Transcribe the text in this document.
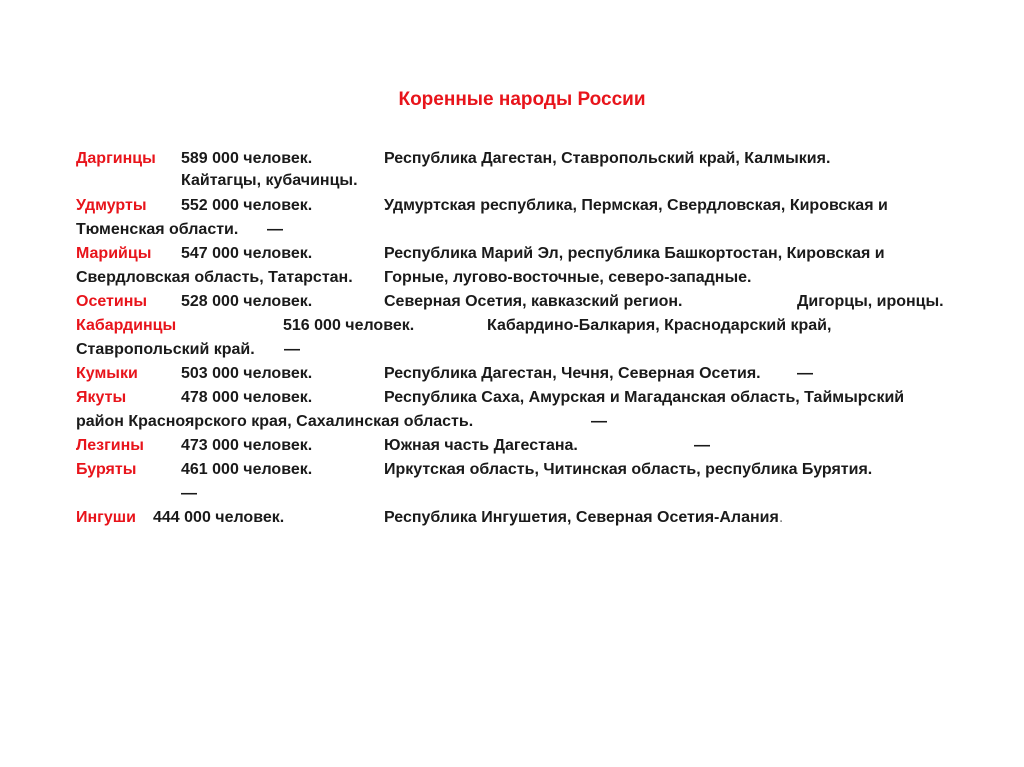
Коренные народы России
Даргинцы 589 000 человек.	Республика Дагестан, Ставропольский край, Калмыкия.
Кайтагцы, кубачинцы.
Удмурты 552 000 человек.	Удмуртская республика, Пермская, Свердловская, Кировская и
Тюменская области. —
Марийцы 547 000 человек.	Республика Марий Эл, республика Башкортостан, Кировская и
Свердловская область, Татарстан. Горные, лугово-восточные, северо-западные.
Осетины 528 000 человек.	Северная Осетия, кавказский регион.	Дигорцы, иронцы.
Кабардинцы	516 000 человек.	Кабардино-Балкария, Краснодарский край,
Ставропольский край. —
Кумыки	503 000 человек.	Республика Дагестан, Чечня, Северная Осетия. —
Якуты	478 000 человек.	Республика Саха, Амурская и Магаданская область, Таймырский
район Красноярского края, Сахалинская область.	—
Лезгины 473 000 человек.	Южная часть Дагестана.	—
Буряты	461 000 человек.	Иркутская область, Читинская область, республика Бурятия.
—
Ингуши 444 000 человек.	Республика Ингушетия, Северная Осетия-Алания.
